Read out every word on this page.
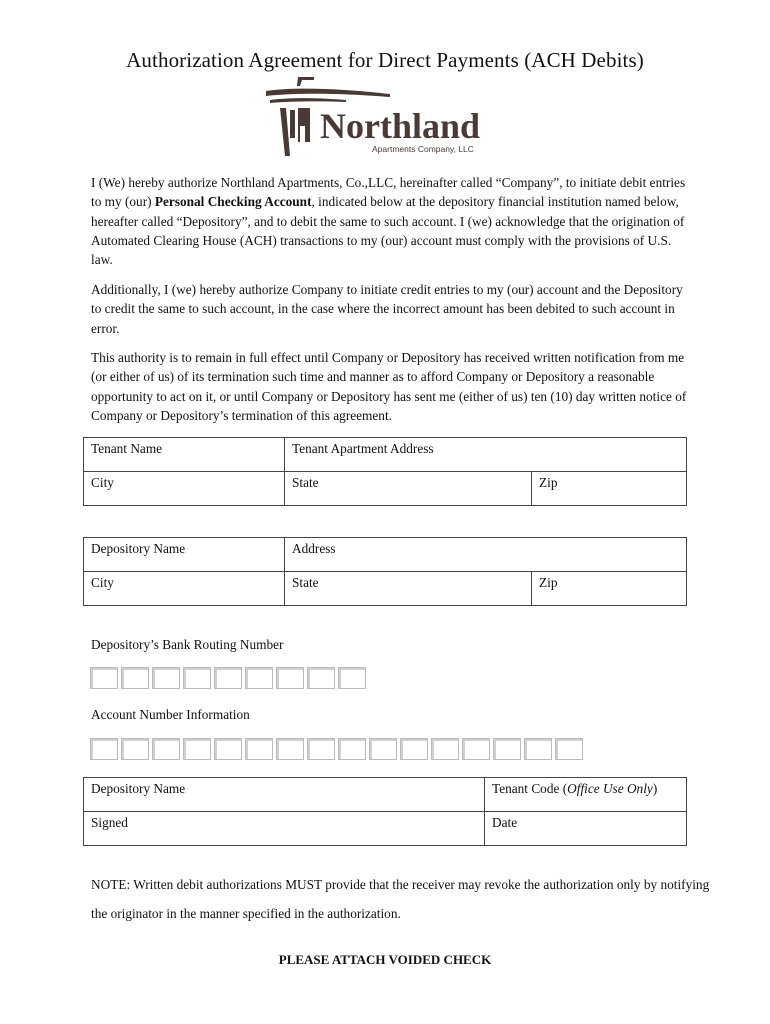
Authorization Agreement for Direct Payments (ACH Debits)
Northland
Apartments Company, LLC

I (We) hereby authorize Northland Apartments, Co.,LLC, hereinafter called “Company”, to initiate debit entries to my (our) Personal Checking Account, indicated below at the depository financial institution named below, hereafter called “Depository”, and to debit the same to such account. I (we) acknowledge that the origination of Automated Clearing House (ACH) transactions to my (our) account must comply with the provisions of U.S. law.

Additionally, I (we) hereby authorize Company to initiate credit entries to my (our) account and the Depository to credit the same to such account, in the case where the incorrect amount has been debited to such account in error.

This authority is to remain in full effect until Company or Depository has received written notification from me (or either of us) of its termination such time and manner as to afford Company or Depository a reasonable opportunity to act on it, or until Company or Depository has sent me (either of us) ten (10) day written notice of Company or Depository’s termination of this agreement.

Tenant Name	Tenant Apartment Address	
City	State	Zip
Depository Name	Address	
City	State	Zip
Depository’s Bank Routing Number
Account Number Information
Depository Name	Tenant Code (Office Use Only)
Signed	Date

NOTE: Written debit authorizations MUST provide that the receiver may revoke the authorization only by notifying the originator in the manner specified in the authorization.

PLEASE ATTACH VOIDED CHECK
